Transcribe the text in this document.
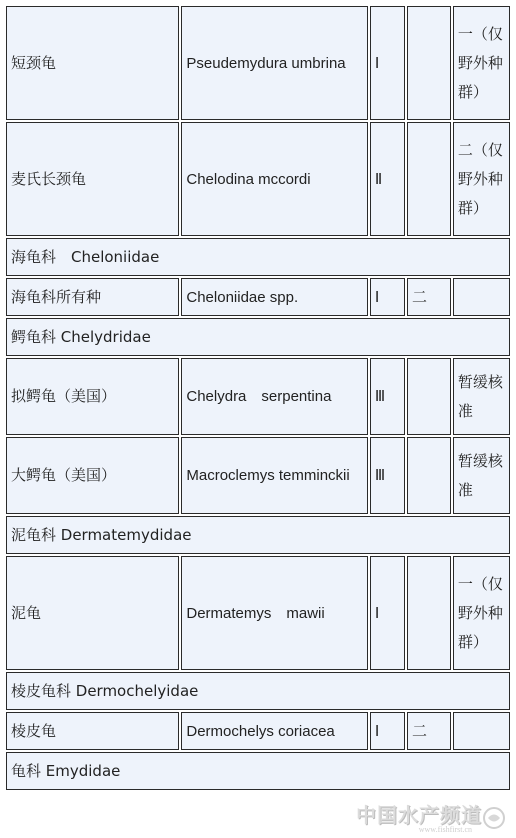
短颈龟	Pseudemydura umbrina	Ⅰ		一（仅野外种群）
麦氏长颈龟	Chelodina mccordi	Ⅱ		二（仅野外种群）
海龟科　Cheloniidae				
海龟科所有种	Cheloniidae spp.	Ⅰ	二	
鳄龟科 Chelydridae				
拟鳄龟（美国）	Chelydra　serpentina	Ⅲ		暂缓核准
大鳄龟（美国）	Macroclemys temminckii	Ⅲ		暂缓核准
泥龟科 Dermatemydidae				
泥龟	Dermatemys　mawii	Ⅰ		一（仅野外种群）
棱皮龟科 Dermochelyidae				
棱皮龟	Dermochelys coriacea	Ⅰ	二	
龟科 Emydidae				
中国水产频道
www.fishfirst.cn
